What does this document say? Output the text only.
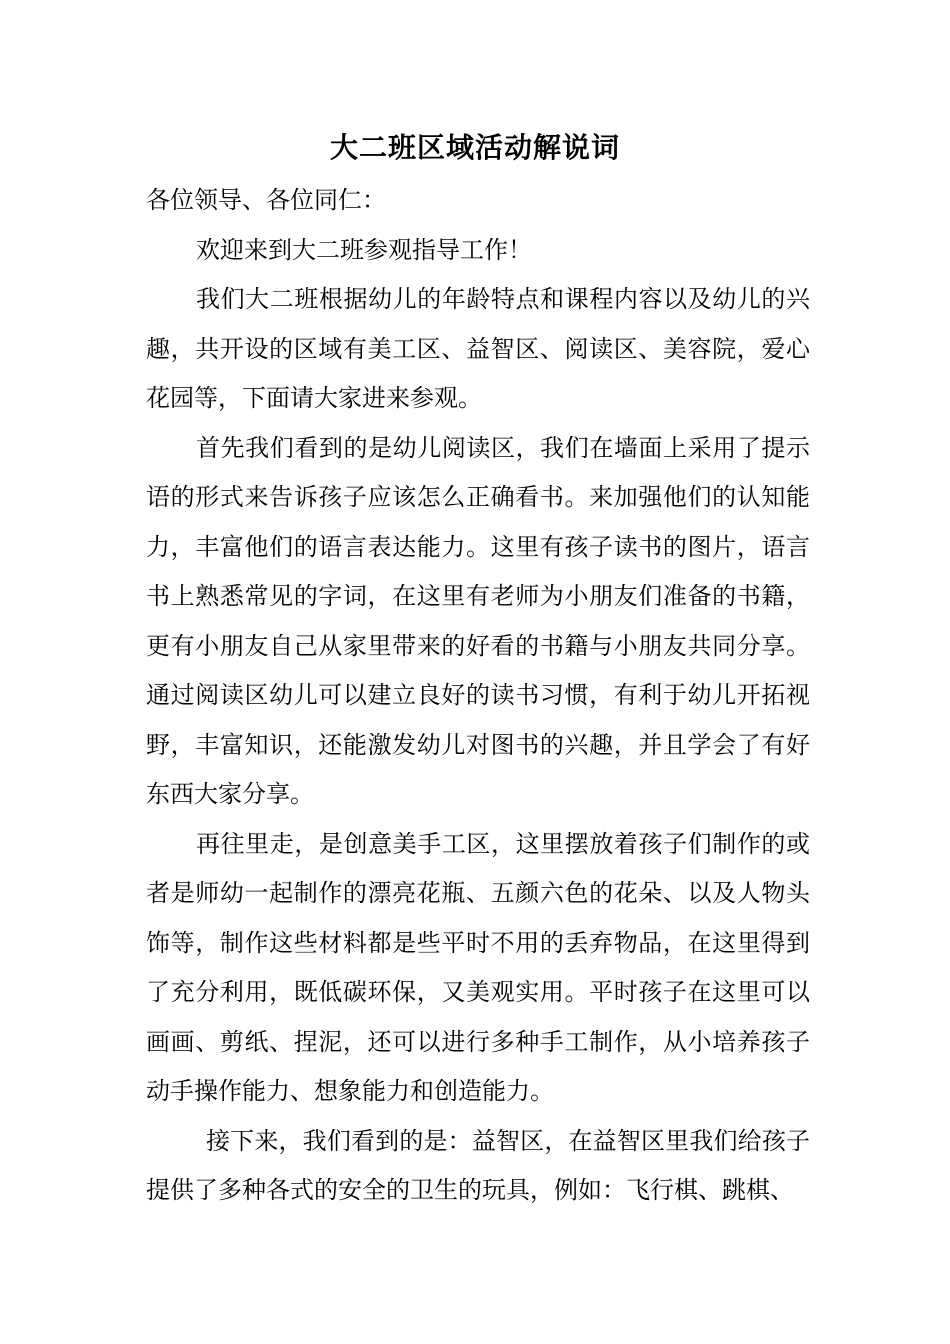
大二班区域活动解说词

各位领导、各位同仁：

欢迎来到大二班参观指导工作！

我们大二班根据幼儿的年龄特点和课程内容以及幼儿的兴趣，共开设的区域有美工区、益智区、阅读区、美容院，爱心花园等，下面请大家进来参观。

首先我们看到的是幼儿阅读区，我们在墙面上采用了提示语的形式来告诉孩子应该怎么正确看书。来加强他们的认知能力，丰富他们的语言表达能力。这里有孩子读书的图片，语言书上熟悉常见的字词，在这里有老师为小朋友们准备的书籍，更有小朋友自己从家里带来的好看的书籍与小朋友共同分享。通过阅读区幼儿可以建立良好的读书习惯，有利于幼儿开拓视野，丰富知识，还能激发幼儿对图书的兴趣，并且学会了有好东西大家分享。

再往里走，是创意美手工区，这里摆放着孩子们制作的或者是师幼一起制作的漂亮花瓶、五颜六色的花朵、以及人物头饰等，制作这些材料都是些平时不用的丢弃物品，在这里得到了充分利用，既低碳环保，又美观实用。平时孩子在这里可以画画、剪纸、捏泥，还可以进行多种手工制作，从小培养孩子动手操作能力、想象能力和创造能力。

接下来，我们看到的是：益智区，在益智区里我们给孩子提供了多种各式的安全的卫生的玩具，例如：飞行棋、跳棋、
